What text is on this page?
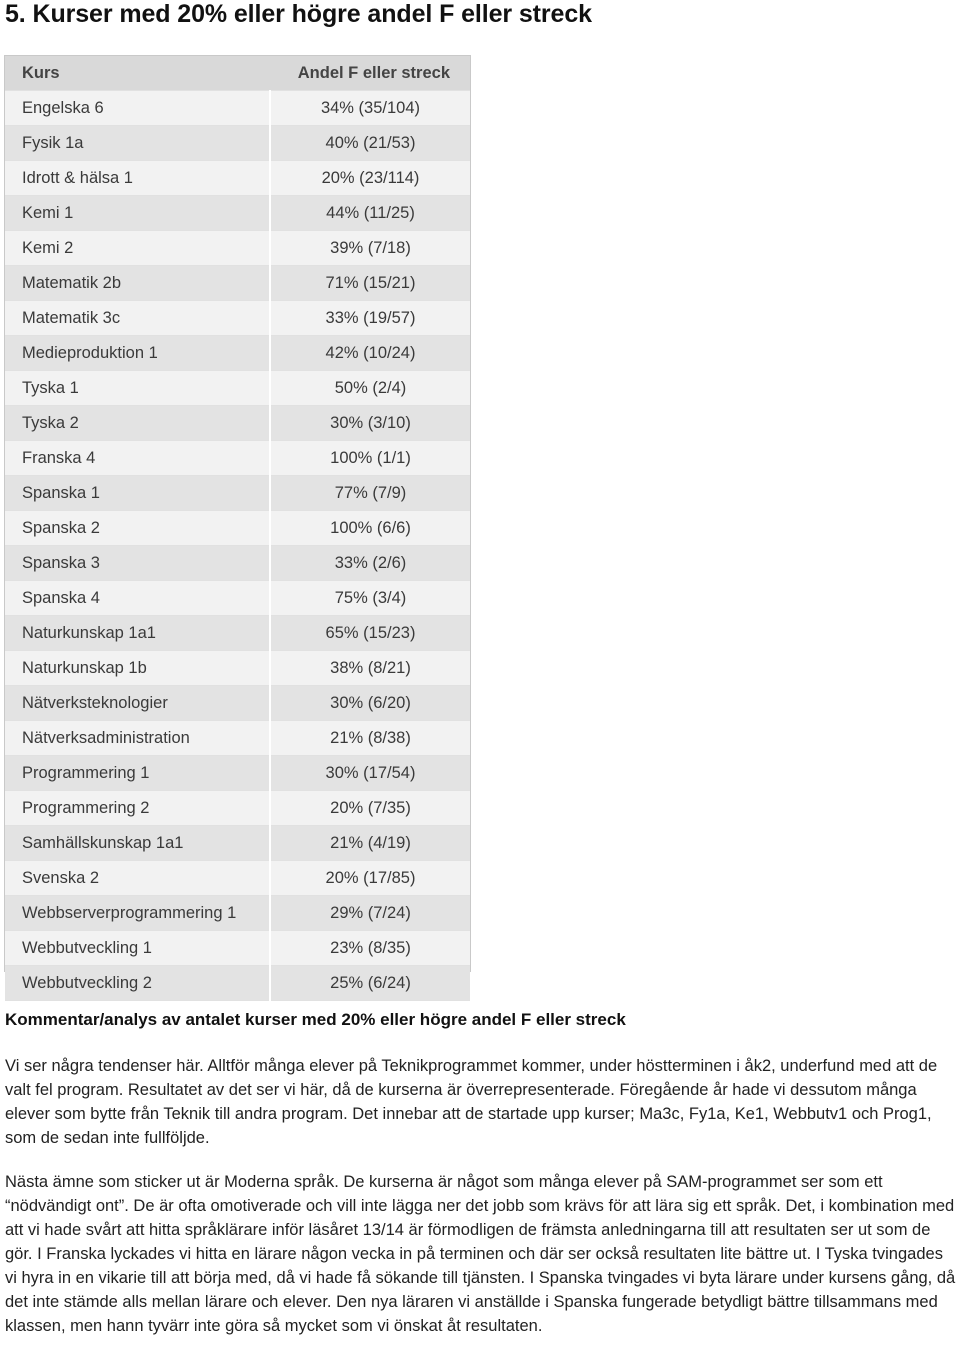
5. Kurser med 20% eller högre andel F eller streck
Kurs	Andel F eller streck
Engelska 6	34% (35/104)
Fysik 1a	40% (21/53)
Idrott & hälsa 1	20% (23/114)
Kemi 1	44% (11/25)
Kemi 2	39% (7/18)
Matematik 2b	71% (15/21)
Matematik 3c	33% (19/57)
Medieproduktion 1	42% (10/24)
Tyska 1	50% (2/4)
Tyska 2	30% (3/10)
Franska 4	100% (1/1)
Spanska 1	77% (7/9)
Spanska 2	100% (6/6)
Spanska 3	33% (2/6)
Spanska 4	75% (3/4)
Naturkunskap 1a1	65% (15/23)
Naturkunskap 1b	38% (8/21)
Nätverksteknologier	30% (6/20)
Nätverksadministration	21% (8/38)
Programmering 1	30% (17/54)
Programmering 2	20% (7/35)
Samhällskunskap 1a1	21% (4/19)
Svenska 2	20% (17/85)
Webbserverprogrammering 1	29% (7/24)
Webbutveckling 1	23% (8/35)
Webbutveckling 2	25% (6/24)
Kommentar/analys av antalet kurser med 20% eller högre andel F eller streck

Vi ser några tendenser här. Alltför många elever på Teknikprogrammet kommer, under höstterminen i åk2, underfund med att de valt fel program. Resultatet av det ser vi här, då de kurserna är överrepresenterade. Föregående år hade vi dessutom många elever som bytte från Teknik till andra program. Det innebar att de startade upp kurser; Ma3c, Fy1a, Ke1, Webbutv1 och Prog1, som de sedan inte fullföljde.

Nästa ämne som sticker ut är Moderna språk. De kurserna är något som många elever på SAM-programmet ser som ett “nödvändigt ont”. De är ofta omotiverade och vill inte lägga ner det jobb som krävs för att lära sig ett språk. Det, i kombination med att vi hade svårt att hitta språklärare inför läsåret 13/14 är förmodligen de främsta anledningarna till att resultaten ser ut som de gör. I Franska lyckades vi hitta en lärare någon vecka in på terminen och där ser också resultaten lite bättre ut. I Tyska tvingades vi hyra in en vikarie till att börja med, då vi hade få sökande till tjänsten. I Spanska tvingades vi byta lärare under kursens gång, då det inte stämde alls mellan lärare och elever. Den nya läraren vi anställde i Spanska fungerade betydligt bättre tillsammans med klassen, men hann tyvärr inte göra så mycket som vi önskat åt resultaten.
